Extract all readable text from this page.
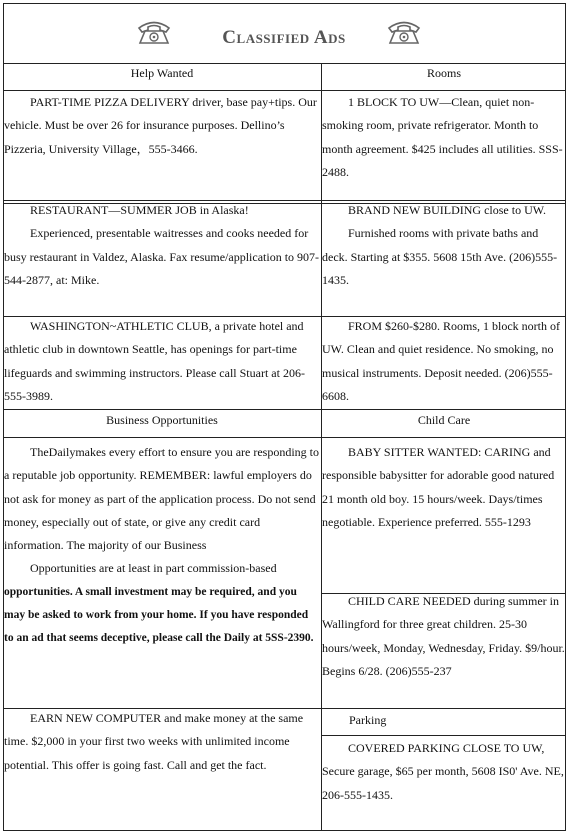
Classified Ads
Help Wanted	Rooms
Business Opportunities	Child Care
Parking

PART-TIME PIZZA DELIVERY driver, base pay+tips. Our vehicle. Must be over 26 for insurance purposes. Dellino’s Pizzeria, University Village，555-3466.

RESTAURANT—SUMMER JOB in Alaska!

Experienced, presentable waitresses and cooks needed for busy restaurant in Valdez, Alaska. Fax resume/application to 907-544-2877, at: Mike.

WASHINGTON~ATHLETIC CLUB, a private hotel and athletic club in downtown Seattle, has openings for part-time lifeguards and swimming instructors. Please call Stuart at 206-555-3989.

TheDailymakes every effort to ensure you are responding to a reputable job opportunity. REMEMBER: lawful employers do not ask for money as part of the application process. Do not send money, especially out of state, or give any credit card information. The majority of our Business

Opportunities are at least in part commission-based

opportunities. A small investment may be required, and you may be asked to work from your home. If you have responded to an ad that seems deceptive, please call the Daily at 5SS-2390.

EARN NEW COMPUTER and make money at the same time. $2,000 in your first two weeks with unlimited income potential. This offer is going fast. Call and get the fact.

1 BLOCK TO UW—Clean, quiet non-smoking room, private refrigerator. Month to month agreement. $425 includes all utilities. SSS-2488.

BRAND NEW BUILDING close to UW.

Furnished rooms with private baths and deck. Starting at $355. 5608 15th Ave. (206)555-1435.

FROM $260-$280. Rooms, 1 block north of UW. Clean and quiet residence. No smoking, no musical instruments. Deposit needed. (206)555-6608.

BABY SITTER WANTED: CARING and responsible babysitter for adorable good natured 21 month old boy. 15 hours/week. Days/times negotiable. Experience preferred. 555-1293

CHILD CARE NEEDED during summer in Wallingford for three great children. 25-30 hours/week, Monday, Wednesday, Friday. $9/hour. Begins 6/28. (206)555-237

COVERED PARKING CLOSE TO UW, Secure garage, $65 per month, 5608 IS0' Ave. NE, 206-555-1435.
